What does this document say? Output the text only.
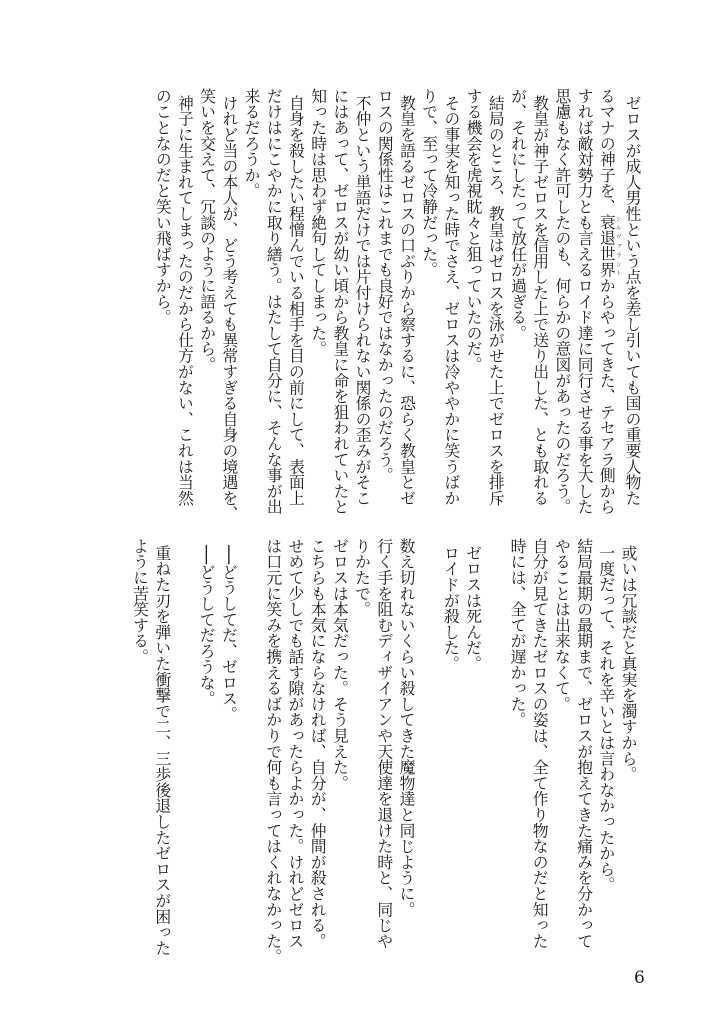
ゼロスが成人男性という点を差し引いても国の重要人物た
るマナの神子を、衰退世界シルヴァラントからやってきた、テセアラ側から
すれば敵対勢力とも言えるロイド達に同行させる事を大した
思慮もなく許可したのも、何らかの意図があったのだろう。
教皇が神子ゼロスを信用した上で送り出した、とも取れる
が、それにしたって放任が過ぎる。
結局のところ、教皇はゼロスを泳がせた上でゼロスを排斥
する機会を虎視眈々と狙っていたのだ。
その事実を知った時でさえ、ゼロスは冷ややかに笑うばか
りで、至って冷静だった。
教皇を語るゼロスの口ぶりから察するに、恐らく教皇とゼ
ロスの関係性はこれまでも良好ではなかったのだろう。
不仲という単語だけでは片付けられない関係の歪みがそこ
にはあって、ゼロスが幼い頃から教皇に命を狙われていたと
知った時は思わず絶句してしまった。
自身を殺したい程憎んでいる相手を目の前にして、表面上
だけはにこやかに取り繕う。はたして自分に、そんな事が出
来るだろうか。
けれど当の本人が、どう考えても異常すぎる自身の境遇を、
笑いを交えて、冗談のように語るから。
神子に生まれてしまったのだから仕方がない、これは当然
のことなのだと笑い飛ばすから。
或いは冗談だと真実を濁すから。
一度だって、それを辛いとは言わなかったから。
結局最期の最期まで、ゼロスが抱えてきた痛みを分かって
やることは出来なくて。
自分が見てきたゼロスの姿は、全て作り物なのだと知った
時には、全てが遅かった。
ゼロスは死んだ。
ロイドが殺した。
数え切れないくらい殺してきた魔物達と同じように。
行く手を阻むディザイアンや天使達を退けた時と、同じや
りかたで。
ゼロスは本気だった。そう見えた。
こちらも本気にならなければ、自分が、仲間が殺される。
せめて少しでも話す隙があったらよかった。けれどゼロス
は口元に笑みを携えるばかりで何も言ってはくれなかった。
──どうしてだ、ゼロス。
──どうしてだろうな。
重ねた刃を弾いた衝撃で二、三歩後退したゼロスが困った
ように苦笑する。
6
